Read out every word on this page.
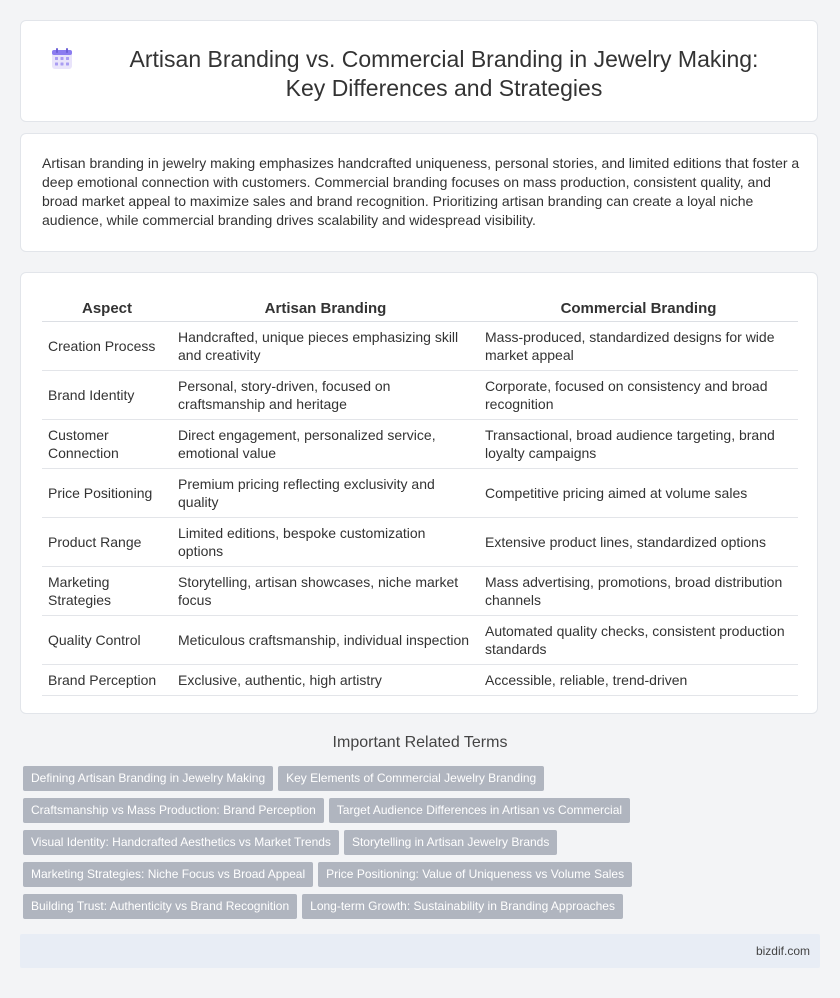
Artisan Branding vs. Commercial Branding in Jewelry Making: Key Differences and Strategies

Artisan branding in jewelry making emphasizes handcrafted uniqueness, personal stories, and limited editions that foster a deep emotional connection with customers. Commercial branding focuses on mass production, consistent quality, and broad market appeal to maximize sales and brand recognition. Prioritizing artisan branding can create a loyal niche audience, while commercial branding drives scalability and widespread visibility.

Aspect	Artisan Branding	Commercial Branding
Creation Process	Handcrafted, unique pieces emphasizing skill and creativity	Mass-produced, standardized designs for wide market appeal
Brand Identity	Personal, story-driven, focused on craftsmanship and heritage	Corporate, focused on consistency and broad recognition
Customer Connection	Direct engagement, personalized service, emotional value	Transactional, broad audience targeting, brand loyalty campaigns
Price Positioning	Premium pricing reflecting exclusivity and quality	Competitive pricing aimed at volume sales
Product Range	Limited editions, bespoke customization options	Extensive product lines, standardized options
Marketing Strategies	Storytelling, artisan showcases, niche market focus	Mass advertising, promotions, broad distribution channels
Quality Control	Meticulous craftsmanship, individual inspection	Automated quality checks, consistent production standards
Brand Perception	Exclusive, authentic, high artistry	Accessible, reliable, trend-driven
Important Related Terms
Defining Artisan Branding in Jewelry Making Key Elements of Commercial Jewelry Branding
Craftsmanship vs Mass Production: Brand Perception Target Audience Differences in Artisan vs Commercial
Visual Identity: Handcrafted Aesthetics vs Market Trends Storytelling in Artisan Jewelry Brands
Marketing Strategies: Niche Focus vs Broad Appeal Price Positioning: Value of Uniqueness vs Volume Sales
Building Trust: Authenticity vs Brand Recognition Long-term Growth: Sustainability in Branding Approaches
bizdif.com
